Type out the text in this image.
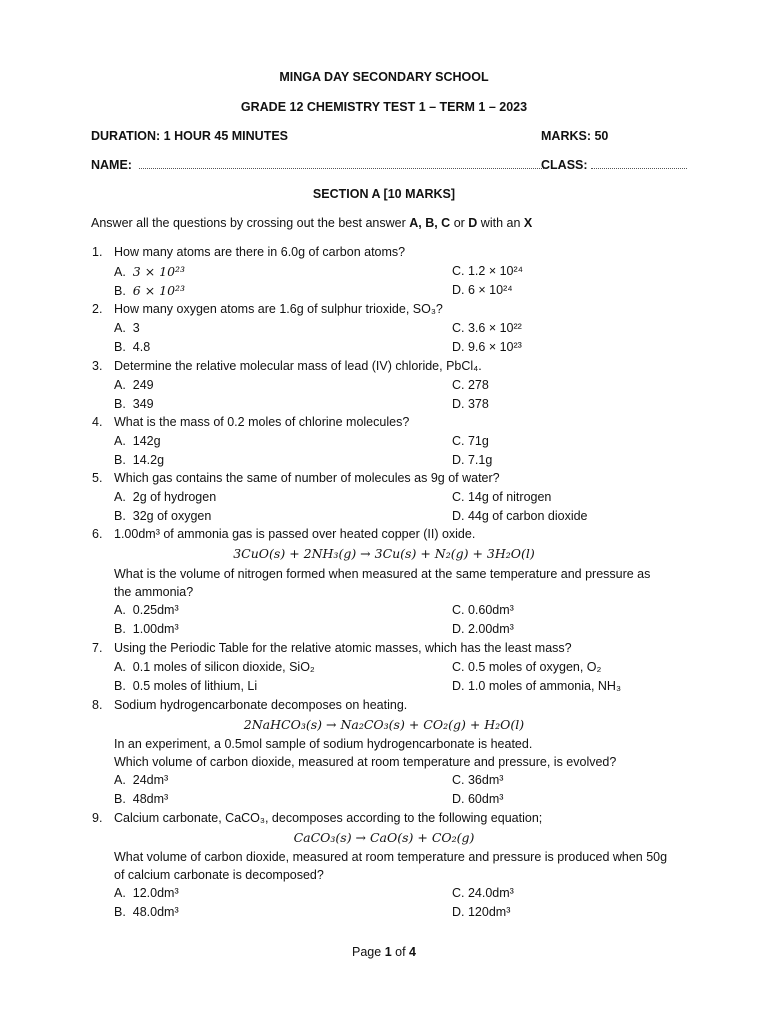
MINGA DAY SECONDARY SCHOOL
GRADE 12 CHEMISTRY TEST 1 – TERM 1 – 2023
DURATION: 1 HOUR 45 MINUTES	MARKS: 50
NAME:	CLASS:
SECTION A [10 MARKS]
Answer all the questions by crossing out the best answer A, B, C or D with an X
1. How many atoms are there in 6.0g of carbon atoms?
A. 3 × 10²³	C. 1.2 × 10²⁴
B. 6 × 10²³	D. 6 × 10²⁴
2. How many oxygen atoms are 1.6g of sulphur trioxide, SO₃?
A. 3	C. 3.6 × 10²²
B. 4.8	D. 9.6 × 10²³
3. Determine the relative molecular mass of lead (IV) chloride, PbCl₄.
A. 249	C. 278
B. 349	D. 378
4. What is the mass of 0.2 moles of chlorine molecules?
A. 142g	C. 71g
B. 14.2g	D. 7.1g
5. Which gas contains the same of number of molecules as 9g of water?
A. 2g of hydrogen	C. 14g of nitrogen
B. 32g of oxygen	D. 44g of carbon dioxide
6. 1.00dm³ of ammonia gas is passed over heated copper (II) oxide.
3CuO(s) + 2NH₃(g) → 3Cu(s) + N₂(g) + 3H₂O(l)
What is the volume of nitrogen formed when measured at the same temperature and pressure as
the ammonia?
A. 0.25dm³	C. 0.60dm³
B. 1.00dm³	D. 2.00dm³
7. Using the Periodic Table for the relative atomic masses, which has the least mass?
A. 0.1 moles of silicon dioxide, SiO₂	C. 0.5 moles of oxygen, O₂
B. 0.5 moles of lithium, Li	D. 1.0 moles of ammonia, NH₃
8. Sodium hydrogencarbonate decomposes on heating.
2NaHCO₃(s) → Na₂CO₃(s) + CO₂(g) + H₂O(l)
In an experiment, a 0.5mol sample of sodium hydrogencarbonate is heated.
Which volume of carbon dioxide, measured at room temperature and pressure, is evolved?
A. 24dm³	C. 36dm³
B. 48dm³	D. 60dm³
9. Calcium carbonate, CaCO₃, decomposes according to the following equation;
CaCO₃(s) → CaO(s) + CO₂(g)
What volume of carbon dioxide, measured at room temperature and pressure is produced when 50g
of calcium carbonate is decomposed?
A. 12.0dm³	C. 24.0dm³
B. 48.0dm³	D. 120dm³
Page 1 of 4
